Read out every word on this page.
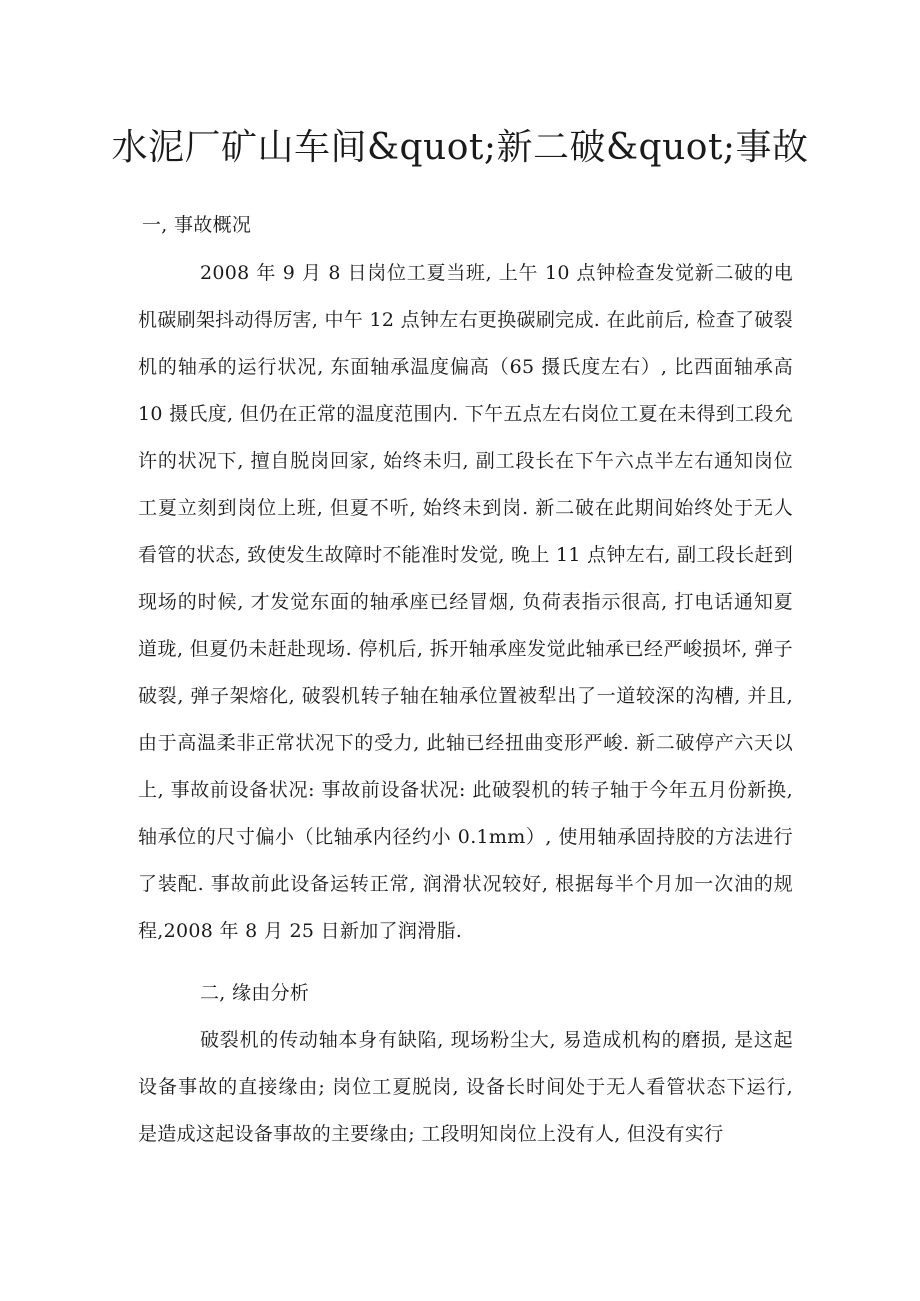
水泥厂矿山车间&quot;新二破&quot;事故
一, 事故概况

2008 年 9 月 8 日岗位工夏当班, 上午 10 点钟检查发觉新二破的电机碳刷架抖动得厉害, 中午 12 点钟左右更换碳刷完成. 在此前后, 检查了破裂机的轴承的运行状况, 东面轴承温度偏高（65 摄氏度左右）, 比西面轴承高 10 摄氏度, 但仍在正常的温度范围内. 下午五点左右岗位工夏在未得到工段允许的状况下, 擅自脱岗回家, 始终未归, 副工段长在下午六点半左右通知岗位工夏立刻到岗位上班, 但夏不听, 始终未到岗. 新二破在此期间始终处于无人看管的状态, 致使发生故障时不能准时发觉, 晚上 11 点钟左右, 副工段长赶到现场的时候, 才发觉东面的轴承座已经冒烟, 负荷表指示很高, 打电话通知夏道珑, 但夏仍未赶赴现场. 停机后, 拆开轴承座发觉此轴承已经严峻损坏, 弹子破裂, 弹子架熔化, 破裂机转子轴在轴承位置被犁出了一道较深的沟槽, 并且, 由于高温柔非正常状况下的受力, 此轴已经扭曲变形严峻. 新二破停产六天以上, 事故前设备状况: 事故前设备状况: 此破裂机的转子轴于今年五月份新换, 轴承位的尺寸偏小（比轴承内径约小 0.1mm）, 使用轴承固持胶的方法进行了装配. 事故前此设备运转正常, 润滑状况较好, 根据每半个月加一次油的规程,2008 年 8 月 25 日新加了润滑脂.

二, 缘由分析

破裂机的传动轴本身有缺陷, 现场粉尘大, 易造成机构的磨损, 是这起设备事故的直接缘由; 岗位工夏脱岗, 设备长时间处于无人看管状态下运行, 是造成这起设备事故的主要缘由; 工段明知岗位上没有人, 但没有实行
